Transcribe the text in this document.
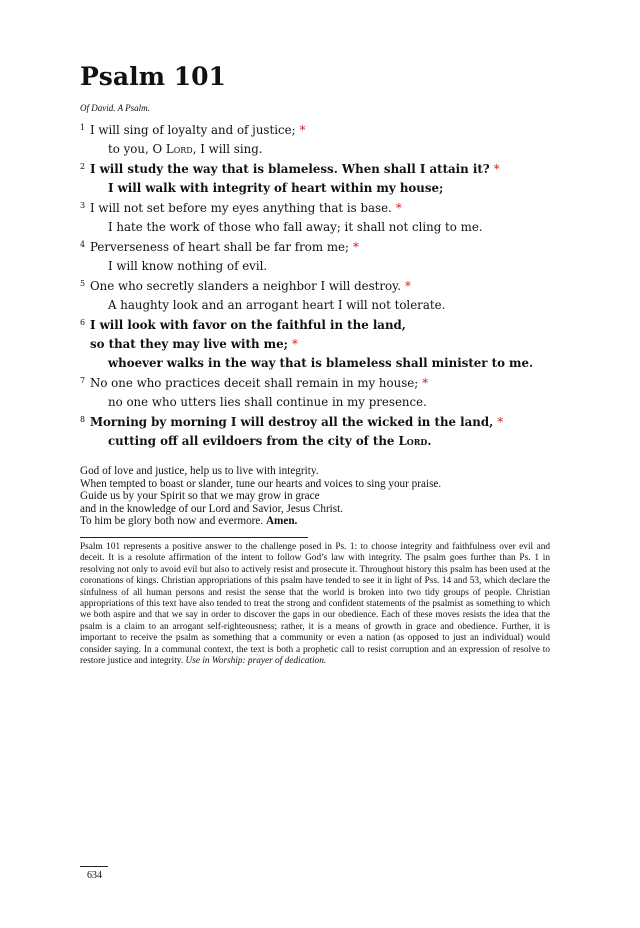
Psalm 101
Of David. A Psalm.
1 I will sing of loyalty and of justice; *
to you, O Lord, I will sing.
2 I will study the way that is blameless. When shall I attain it? *
I will walk with integrity of heart within my house;
3 I will not set before my eyes anything that is base. *
I hate the work of those who fall away; it shall not cling to me.
4 Perverseness of heart shall be far from me; *
I will know nothing of evil.
5 One who secretly slanders a neighbor I will destroy. *
A haughty look and an arrogant heart I will not tolerate.
6 I will look with favor on the faithful in the land,
so that they may live with me; *
whoever walks in the way that is blameless shall minister to me.
7 No one who practices deceit shall remain in my house; *
no one who utters lies shall continue in my presence.
8 Morning by morning I will destroy all the wicked in the land, *
cutting off all evildoers from the city of the Lord.
God of love and justice, help us to live with integrity.
When tempted to boast or slander, tune our hearts and voices to sing your praise.
Guide us by your Spirit so that we may grow in grace
and in the knowledge of our Lord and Savior, Jesus Christ.
To him be glory both now and evermore. Amen.
Psalm 101 represents a positive answer to the challenge posed in Ps. 1: to choose integrity and faithfulness over evil and deceit. It is a resolute affirmation of the intent to follow God’s law with integrity. The psalm goes further than Ps. 1 in resolving not only to avoid evil but also to actively resist and prosecute it. Throughout history this psalm has been used at the coronations of kings. Christian appropriations of this psalm have tended to see it in light of Pss. 14 and 53, which declare the sinfulness of all human persons and resist the sense that the world is broken into two tidy groups of people. Christian appropriations of this text have also tended to treat the strong and confident statements of the psalmist as something to which we both aspire and that we say in order to discover the gaps in our obedience. Each of these moves resists the idea that the psalm is a claim to an arrogant self-righteousness; rather, it is a means of growth in grace and obedience. Further, it is important to receive the psalm as something that a community or even a nation (as opposed to just an individual) would consider saying. In a communal context, the text is both a prophetic call to resist corruption and an expression of resolve to restore justice and integrity. Use in Worship: prayer of dedication.
634
